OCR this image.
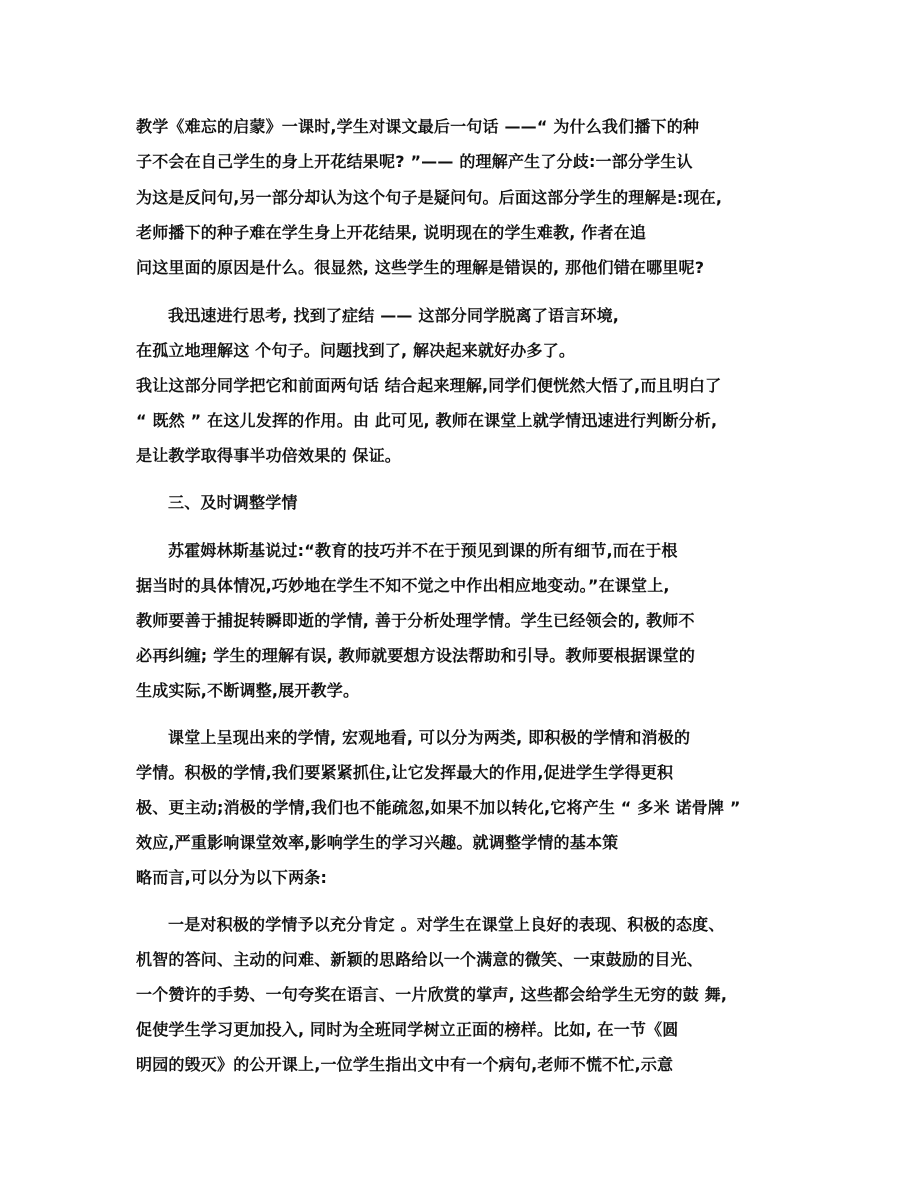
教学《难忘的启蒙》一课时,学生对课文最后一句话 ——“ 为什么我们播下的种
子不会在自己学生的身上开花结果呢? ”—— 的理解产生了分歧:一部分学生认
为这是反问句,另一部分却认为这个句子是疑问句。后面这部分学生的理解是:现在,
老师播下的种子难在学生身上开花结果, 说明现在的学生难教, 作者在追
问这里面的原因是什么。很显然, 这些学生的理解是错误的, 那他们错在哪里呢?
我迅速进行思考, 找到了症结 —— 这部分同学脱离了语言环境,
在孤立地理解这 个句子。问题找到了, 解决起来就好办多了。
我让这部分同学把它和前面两句话 结合起来理解,同学们便恍然大悟了,而且明白了
“ 既然 ” 在这儿发挥的作用。由 此可见, 教师在课堂上就学情迅速进行判断分析,
是让教学取得事半功倍效果的 保证。
三、及时调整学情
苏霍姆林斯基说过:“教育的技巧并不在于预见到课的所有细节,而在于根
据当时的具体情况,巧妙地在学生不知不觉之中作出相应地变动。”在课堂上,
教师要善于捕捉转瞬即逝的学情, 善于分析处理学情。学生已经领会的, 教师不
必再纠缠; 学生的理解有误, 教师就要想方设法帮助和引导。教师要根据课堂的
生成实际,不断调整,展开教学。
课堂上呈现出来的学情, 宏观地看, 可以分为两类, 即积极的学情和消极的
学情。积极的学情,我们要紧紧抓住,让它发挥最大的作用,促进学生学得更积
极、更主动;消极的学情,我们也不能疏忽,如果不加以转化,它将产生 “ 多米 诺骨牌 ”
效应,严重影响课堂效率,影响学生的学习兴趣。就调整学情的基本策
略而言,可以分为以下两条:
一是对积极的学情予以充分肯定 。对学生在课堂上良好的表现、积极的态度、
机智的答问、主动的问难、新颖的思路给以一个满意的微笑、一束鼓励的目光、
一个赞许的手势、一句夸奖在语言、一片欣赏的掌声, 这些都会给学生无穷的鼓 舞,
促使学生学习更加投入, 同时为全班同学树立正面的榜样。比如, 在一节《圆
明园的毁灭》的公开课上,一位学生指出文中有一个病句,老师不慌不忙,示意
